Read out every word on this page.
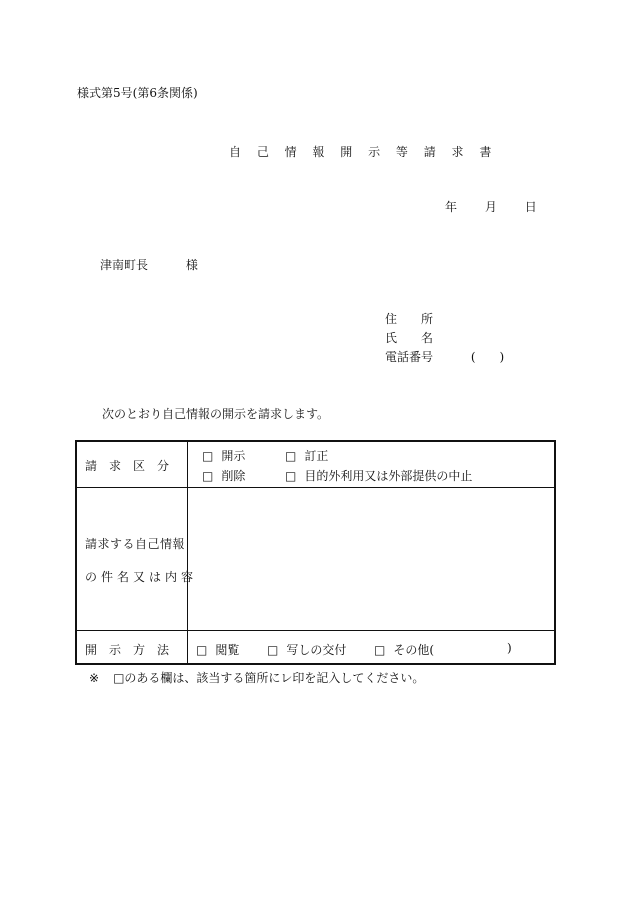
様式第5号(第6条関係)
自 己 情 報 開 示 等 請 求 書
年 月 日
津南町長	様
住　　所
氏　　名
電話番号	(　　)
次のとおり自己情報の開示を請求します。
請　求　区　分
□ 開示	□ 訂正
□ 削除	□ 目的外利用又は外部提供の中止
請求する自己情報
の件名又は内容
開　示　方　法 □ 閲覧 □ 写しの交付 □ その他(	)
※ □のある欄は、該当する箇所にレ印を記入してください。
